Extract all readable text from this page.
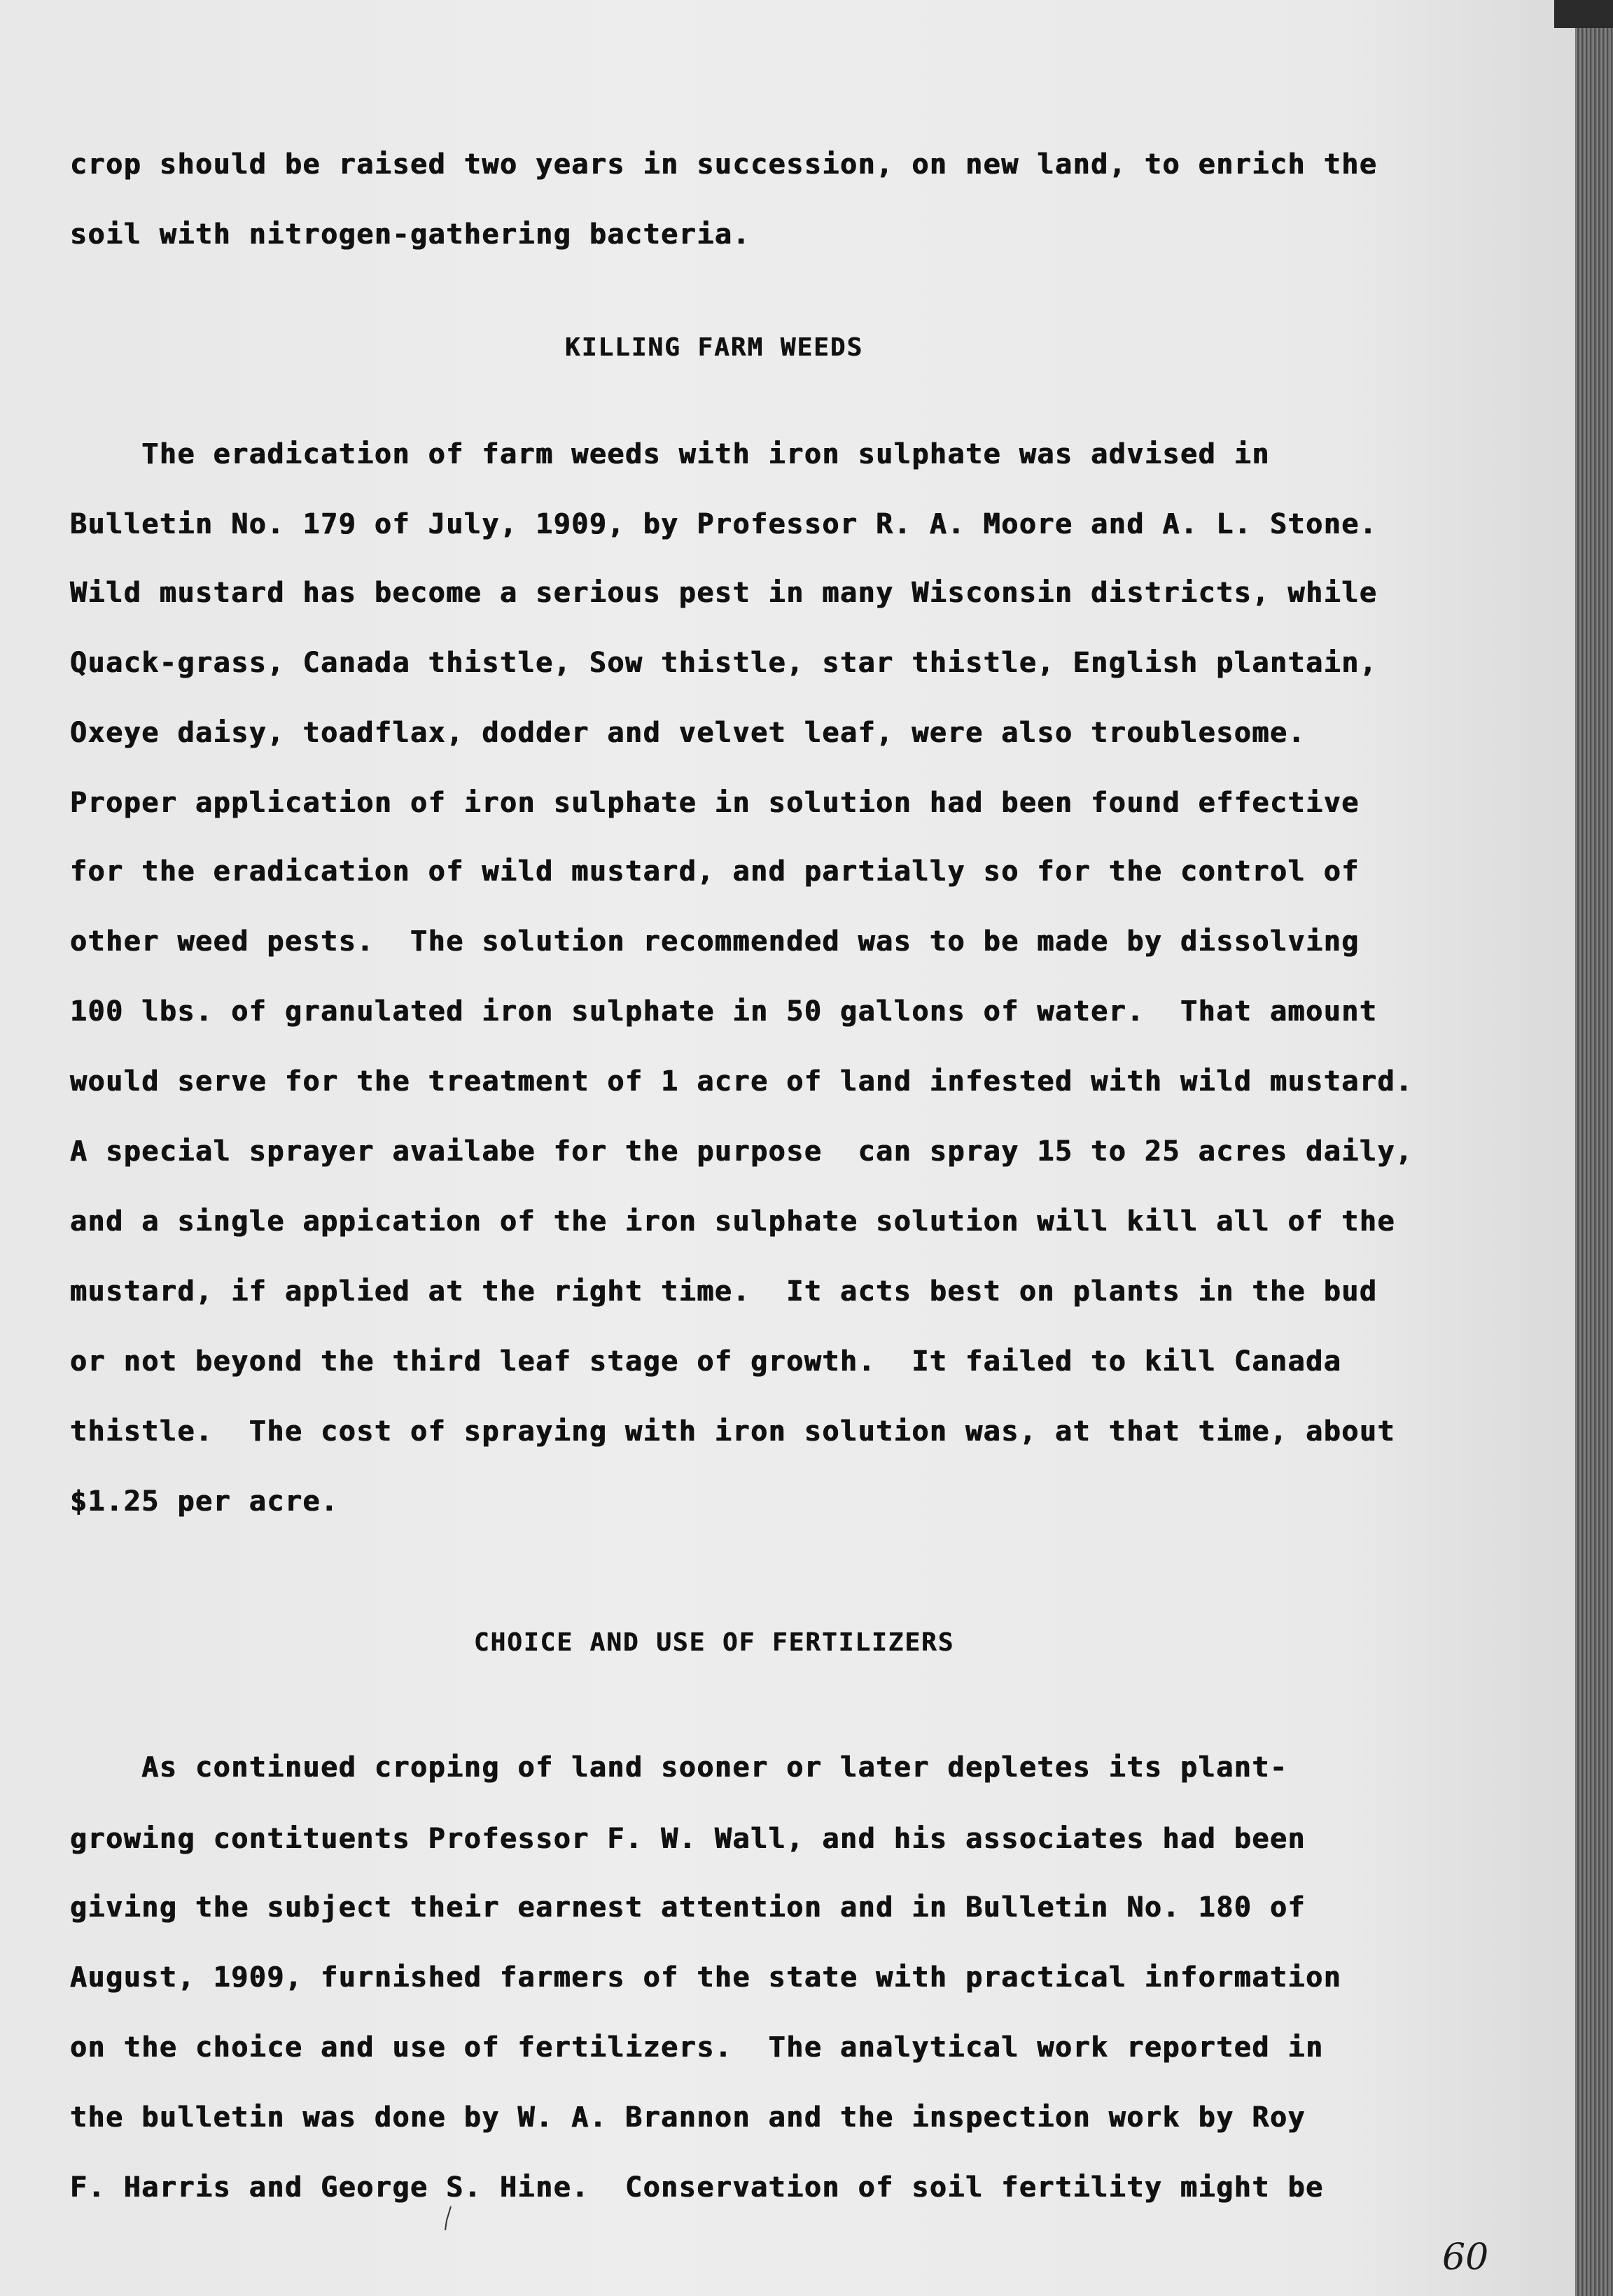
crop should be raised two years in succession, on new land, to enrich the
soil with nitrogen-gathering bacteria.
KILLING FARM WEEDS
The eradication of farm weeds with iron sulphate was advised in
Bulletin No. 179 of July, 1909, by Professor R. A. Moore and A. L. Stone.
Wild mustard has become a serious pest in many Wisconsin districts, while
Quack-grass, Canada thistle, Sow thistle, star thistle, English plantain,
Oxeye daisy, toadflax, dodder and velvet leaf, were also troublesome.
Proper application of iron sulphate in solution had been found effective
for the eradication of wild mustard, and partially so for the control of
other weed pests.  The solution recommended was to be made by dissolving
100 lbs. of granulated iron sulphate in 50 gallons of water.  That amount
would serve for the treatment of 1 acre of land infested with wild mustard.
A special sprayer availabe for the purpose  can spray 15 to 25 acres daily,
and a single appication of the iron sulphate solution will kill all of the
mustard, if applied at the right time.  It acts best on plants in the bud
or not beyond the third leaf stage of growth.  It failed to kill Canada
thistle.  The cost of spraying with iron solution was, at that time, about
$1.25 per acre.
CHOICE AND USE OF FERTILIZERS
As continued croping of land sooner or later depletes its plant-
growing contituents Professor F. W. Wall, and his associates had been
giving the subject their earnest attention and in Bulletin No. 180 of
August, 1909, furnished farmers of the state with practical information
on the choice and use of fertilizers.  The analytical work reported in
the bulletin was done by W. A. Brannon and the inspection work by Roy
F. Harris and George S. Hine.  Conservation of soil fertility might be
60
